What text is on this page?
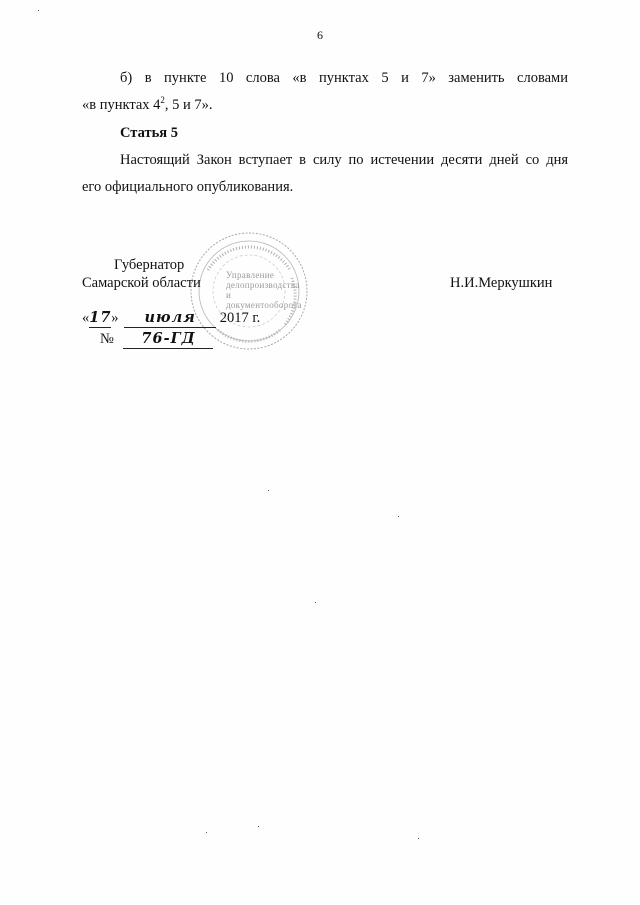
6
б) в пункте 10 слова «в пунктах 5 и 7» заменить словами
«в пунктах $4^2$, 5 и 7».
Статья 5
Настоящий Закон вступает в силу по истечении десяти дней со дня
его официального опубликования.
Управление делопроизводства и документооборота
Губернатор
Самарской области	Н.И.Меркушкин
«17» июля 2017 г.
№ 76-ГД
